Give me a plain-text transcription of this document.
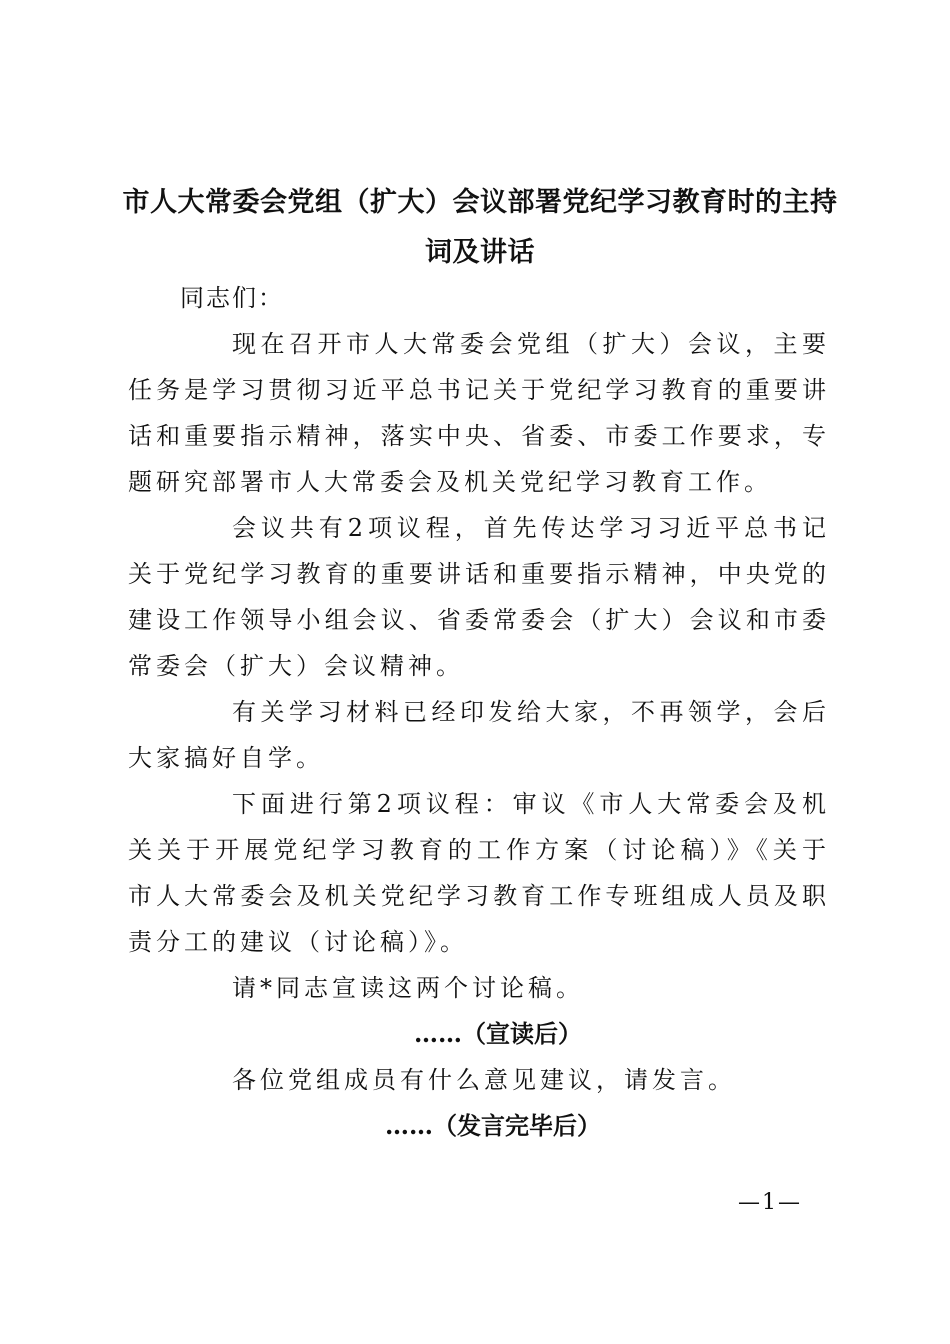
市人大常委会党组（扩大）会议部署党纪学习教育时的主持词及讲话

同志们：

现在召开市人大常委会党组（扩大）会议，主要任务是学习贯彻习近平总书记关于党纪学习教育的重要讲话和重要指示精神，落实中央、省委、市委工作要求，专题研究部署市人大常委会及机关党纪学习教育工作。

会议共有2项议程，首先传达学习习近平总书记关于党纪学习教育的重要讲话和重要指示精神，中央党的建设工作领导小组会议、省委常委会（扩大）会议和市委常委会（扩大）会议精神。

有关学习材料已经印发给大家，不再领学，会后大家搞好自学。

下面进行第2项议程：审议《市人大常委会及机关关于开展党纪学习教育的工作方案（讨论稿）》《关于市人大常委会及机关党纪学习教育工作专班组成人员及职责分工的建议（讨论稿）》。

请*同志宣读这两个讨论稿。

……（宣读后）

各位党组成员有什么意见建议，请发言。

……（发言完毕后）

—1—
